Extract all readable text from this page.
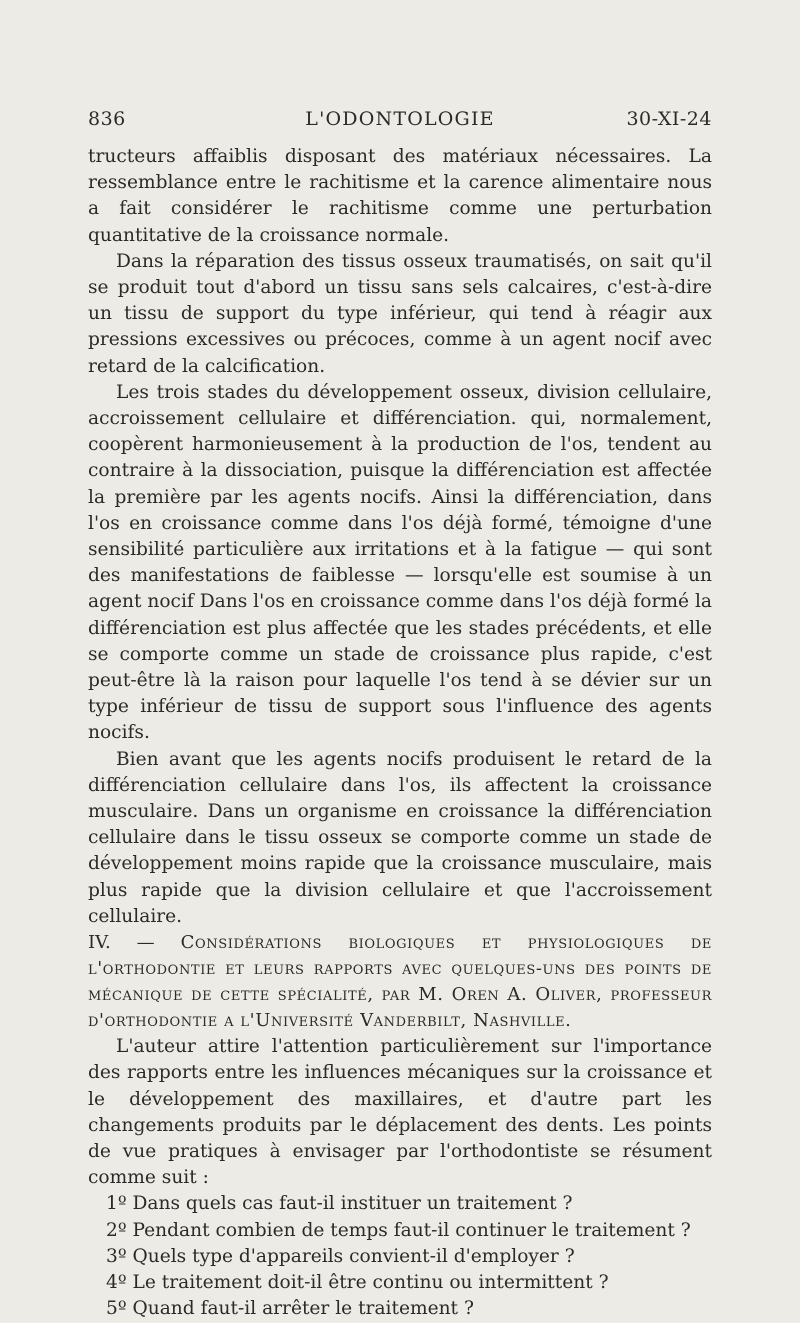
836	L'ODONTOLOGIE	30-XI-24

tructeurs affaiblis disposant des matériaux nécessaires. La ressemblance entre le rachitisme et la carence alimentaire nous a fait considérer le rachitisme comme une perturbation quantitative de la croissance normale.

Dans la réparation des tissus osseux traumatisés, on sait qu'il se produit tout d'abord un tissu sans sels calcaires, c'est-à-dire un tissu de support du type inférieur, qui tend à réagir aux pressions excessives ou précoces, comme à un agent nocif avec retard de la calcification.

Les trois stades du développement osseux, division cellulaire, accroissement cellulaire et différenciation. qui, normalement, coopèrent harmonieusement à la production de l'os, tendent au contraire à la dissociation, puisque la différenciation est affectée la première par les agents nocifs. Ainsi la différenciation, dans l'os en croissance comme dans l'os déjà formé, témoigne d'une sensibilité particulière aux irritations et à la fatigue — qui sont des manifestations de faiblesse — lorsqu'elle est soumise à un agent nocif Dans l'os en croissance comme dans l'os déjà formé la différenciation est plus affectée que les stades précédents, et elle se comporte comme un stade de croissance plus rapide, c'est peut-être là la raison pour laquelle l'os tend à se dévier sur un type inférieur de tissu de support sous l'influence des agents nocifs.

Bien avant que les agents nocifs produisent le retard de la différenciation cellulaire dans l'os, ils affectent la croissance musculaire. Dans un organisme en croissance la différenciation cellulaire dans le tissu osseux se comporte comme un stade de développement moins rapide que la croissance musculaire, mais plus rapide que la division cellulaire et que l'accroissement cellulaire.

IV. — Considérations biologiques et physiologiques de l'orthodontie et leurs rapports avec quelques-uns des points de mécanique de cette spécialité, par M. Oren A. Oliver, professeur d'orthodontie a l'Université Vanderbilt, Nashville.

L'auteur attire l'attention particulièrement sur l'importance des rapports entre les influences mécaniques sur la croissance et le développement des maxillaires, et d'autre part les changements produits par le déplacement des dents. Les points de vue pratiques à envisager par l'orthodontiste se résument comme suit :

1º Dans quels cas faut-il instituer un traitement ?
2º Pendant combien de temps faut-il continuer le traitement ?
3º Quels type d'appareils convient-il d'employer ?
4º Le traitement doit-il être continu ou intermittent ?
5º Quand faut-il arrêter le traitement ?
